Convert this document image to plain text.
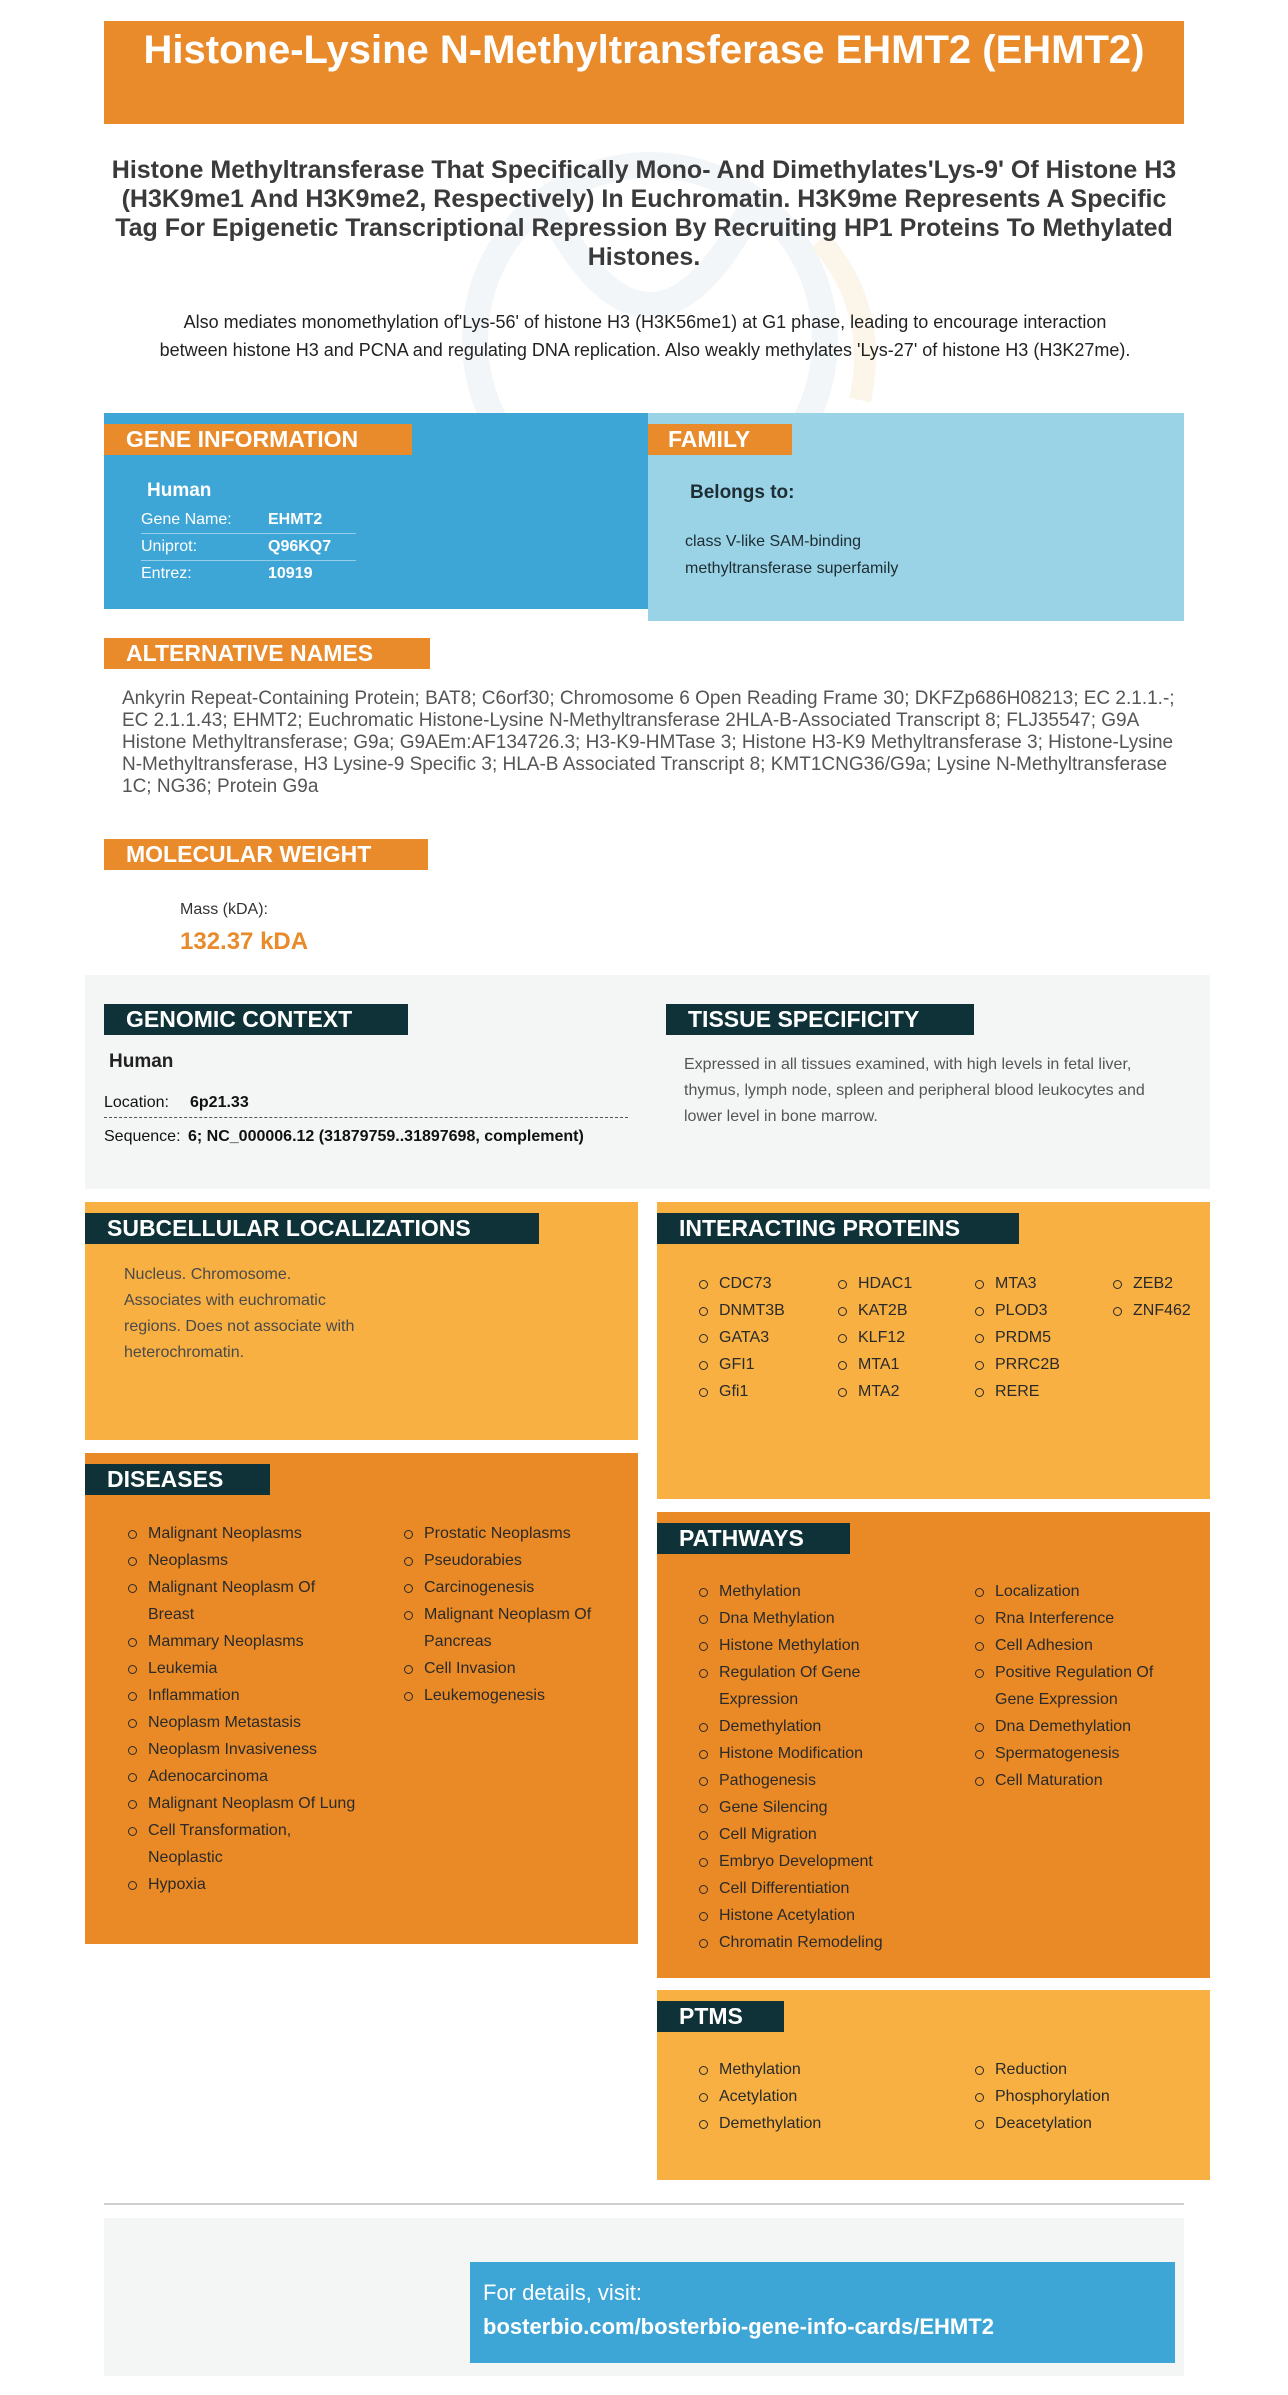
Histone-Lysine N-Methyltransferase EHMT2 (EHMT2)
Histone Methyltransferase That Specifically Mono- And Dimethylates'Lys-9' Of Histone H3 (H3K9me1 And H3K9me2, Respectively) In Euchromatin. H3K9me Represents A Specific Tag For Epigenetic Transcriptional Repression By Recruiting HP1 Proteins To Methylated Histones.
Also mediates monomethylation of'Lys-56' of histone H3 (H3K56me1) at G1 phase, leading to encourage interaction between histone H3 and PCNA and regulating DNA replication. Also weakly methylates 'Lys-27' of histone H3 (H3K27me).
GENE INFORMATION
Human
Gene Name: EHMT2
Uniprot:	Q96KQ7
Entrez:	10919
FAMILY
Belongs to:
class V-like SAM-binding methyltransferase superfamily
ALTERNATIVE NAMES
Ankyrin Repeat-Containing Protein; BAT8; C6orf30; Chromosome 6 Open Reading Frame 30; DKFZp686H08213; EC 2.1.1.-; EC 2.1.1.43; EHMT2; Euchromatic Histone-Lysine N-Methyltransferase 2HLA-B-Associated Transcript 8; FLJ35547; G9A Histone Methyltransferase; G9a; G9AEm:AF134726.3; H3-K9-HMTase 3; Histone H3-K9 Methyltransferase 3; Histone-Lysine N-Methyltransferase, H3 Lysine-9 Specific 3; HLA-B Associated Transcript 8; KMT1CNG36/G9a; Lysine N-Methyltransferase 1C; NG36; Protein G9a
MOLECULAR WEIGHT
Mass (kDA):
132.37 kDA
GENOMIC CONTEXT
Human
Location: 6p21.33
Sequence: 6; NC_000006.12 (31879759..31897698, complement)
TISSUE SPECIFICITY
Expressed in all tissues examined, with high levels in fetal liver, thymus, lymph node, spleen and peripheral blood leukocytes and lower level in bone marrow.
SUBCELLULAR LOCALIZATIONS
Nucleus. Chromosome. Associates with euchromatic regions. Does not associate with heterochromatin.
INTERACTING PROTEINS
CDC73
DNMT3B
GATA3
GFI1
Gfi1
HDAC1
KAT2B
KLF12
MTA1
MTA2
MTA3
PLOD3
PRDM5
PRRC2B
RERE
ZEB2
ZNF462
DISEASES
Malignant Neoplasms
Neoplasms
Malignant Neoplasm Of Breast
Mammary Neoplasms
Leukemia
Inflammation
Neoplasm Metastasis
Neoplasm Invasiveness
Adenocarcinoma
Malignant Neoplasm Of Lung
Cell Transformation, Neoplastic
Hypoxia
Prostatic Neoplasms
Pseudorabies
Carcinogenesis
Malignant Neoplasm Of Pancreas
Cell Invasion
Leukemogenesis
PATHWAYS
Methylation
Dna Methylation
Histone Methylation
Regulation Of Gene Expression
Demethylation
Histone Modification
Pathogenesis
Gene Silencing
Cell Migration
Embryo Development
Cell Differentiation
Histone Acetylation
Chromatin Remodeling
Localization
Rna Interference
Cell Adhesion
Positive Regulation Of Gene Expression
Dna Demethylation
Spermatogenesis
Cell Maturation
PTMS
Methylation
Acetylation
Demethylation
Reduction
Phosphorylation
Deacetylation
For details, visit:
bosterbio.com/bosterbio-gene-info-cards/EHMT2
